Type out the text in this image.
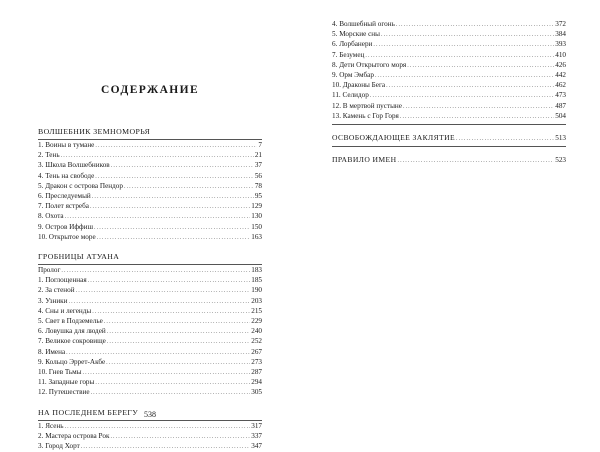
СОДЕРЖАНИЕ
ВОЛШЕБНИК ЗЕМНОМОРЬЯ
1. Воины в тумане .....	7
2. Тень .....	21
3. Школа Волшебников .....	37
4. Тень на свободе .....	56
5. Дракон с острова Пендор .....	78
6. Преследуемый .....	95
7. Полет ястреба .....	129
8. Охота .....	130
9. Остров Иффиш .....	150
10. Открытое море .....	163
ГРОБНИЦЫ АТУАНА
Пролог .....	183
1. Поглощенная .....	185
2. За стеной .....	190
3. Узники .....	203
4. Сны и легенды .....	215
5. Свет в Подземелье .....	229
6. Ловушка для людей .....	240
7. Великое сокровище .....	252
8. Имена .....	267
9. Кольцо Эррет-Акбе .....	273
10. Гнев Тьмы .....	287
11. Западные горы .....	294
12. Путешествие .....	305
НА ПОСЛЕДНЕМ БЕРЕГУ
1. Ясень .....	317
2. Мастера острова Рок .....	337
3. Город Хорт .....	347
538
4. Волшебный огонь .....	372
5. Морские сны .....	384
6. Лорбанери .....	393
7. Безумец .....	410
8. Дети Открытого моря .....	426
9. Орм Эмбар .....	442
10. Драконы Бега .....	462
11. Селидор .....	473
12. В мертвой пустыне .....	487
13. Камень с Гор Горя .....	504
ОСВОБОЖДАЮЩЕЕ ЗАКЛЯТИЕ .....	513
ПРАВИЛО ИМЕН .....	523
